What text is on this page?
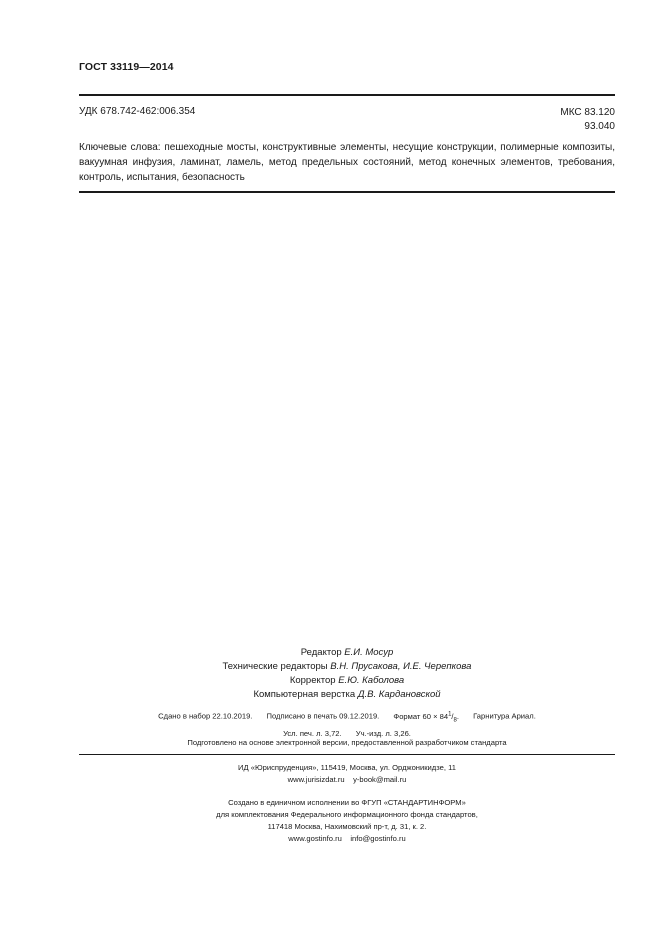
ГОСТ 33119—2014
УДК 678.742-462:006.354	МКС 83.120
93.040
Ключевые слова: пешеходные мосты, конструктивные элементы, несущие конструкции, полимерные композиты, вакуумная инфузия, ламинат, ламель, метод предельных состояний, метод конечных элементов, требования, контроль, испытания, безопасность
Редактор Е.И. Мосур
Технические редакторы В.Н. Прусакова, И.Е. Черепкова
Корректор Е.Ю. Каболова
Компьютерная верстка Д.В. Кардановской
Сдано в набор 22.10.2019. Подписано в печать 09.12.2019. Формат $60 \times 84^1/_8$. Гарнитура Ариал.
Усл. печ. л. 3,72. Уч.-изд. л. 3,26.
Подготовлено на основе электронной версии, предоставленной разработчиком стандарта
ИД «Юриспруденция», 115419, Москва, ул. Орджоникидзе, 11
www.jurisizdat.ru y-book@mail.ru
Создано в единичном исполнении во ФГУП «СТАНДАРТИНФОРМ»
для комплектования Федерального информационного фонда стандартов,
117418 Москва, Нахимовский пр-т, д. 31, к. 2.
www.gostinfo.ru info@gostinfo.ru
